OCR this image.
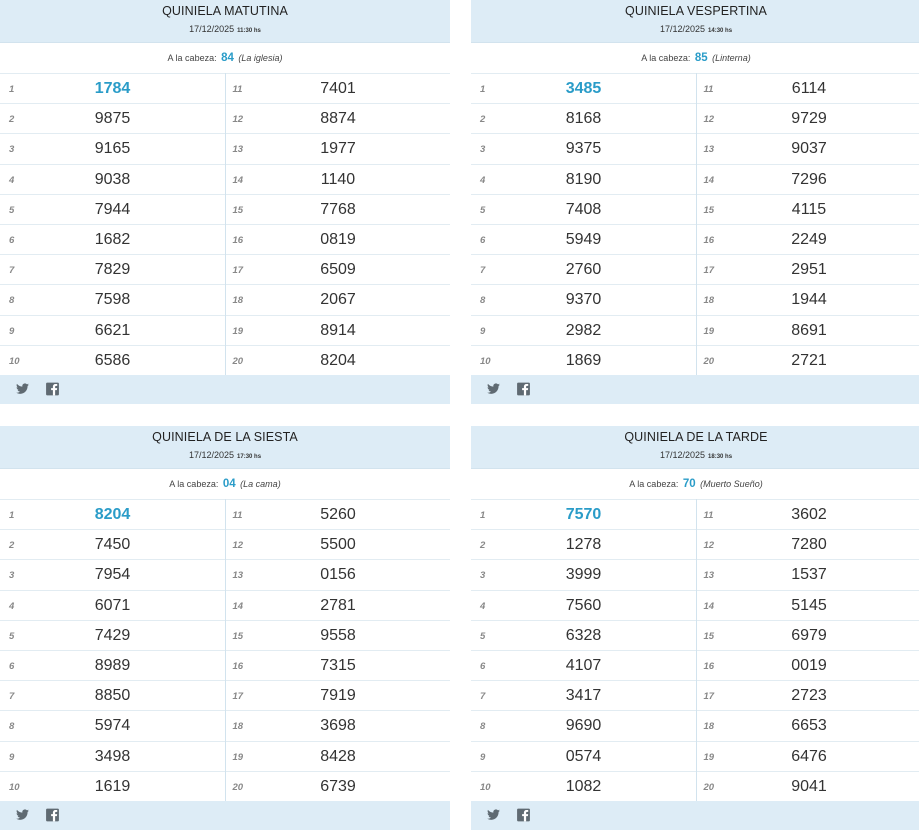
QUINIELA MATUTINA
17/12/2025 11:30 hs
A la cabeza: 84 (La iglesia)
1	1784
2	9875
3	9165
4	9038
5	7944
6	1682
7	7829
8	7598
9	6621
10	6586
11	7401
12	8874
13	1977
14	1140
15	7768
16	0819
17	6509
18	2067
19	8914
20	8204
QUINIELA VESPERTINA
17/12/2025 14:30 hs
A la cabeza: 85 (Linterna)
1	3485
2	8168
3	9375
4	8190
5	7408
6	5949
7	2760
8	9370
9	2982
10	1869
11	6114
12	9729
13	9037
14	7296
15	4115
16	2249
17	2951
18	1944
19	8691
20	2721
QUINIELA DE LA SIESTA
17/12/2025 17:30 hs
A la cabeza: 04 (La cama)
1	8204
2	7450
3	7954
4	6071
5	7429
6	8989
7	8850
8	5974
9	3498
10	1619
11	5260
12	5500
13	0156
14	2781
15	9558
16	7315
17	7919
18	3698
19	8428
20	6739
QUINIELA DE LA TARDE
17/12/2025 18:30 hs
A la cabeza: 70 (Muerto Sueño)
1	7570
2	1278
3	3999
4	7560
5	6328
6	4107
7	3417
8	9690
9	0574
10	1082
11	3602
12	7280
13	1537
14	5145
15	6979
16	0019
17	2723
18	6653
19	6476
20	9041
